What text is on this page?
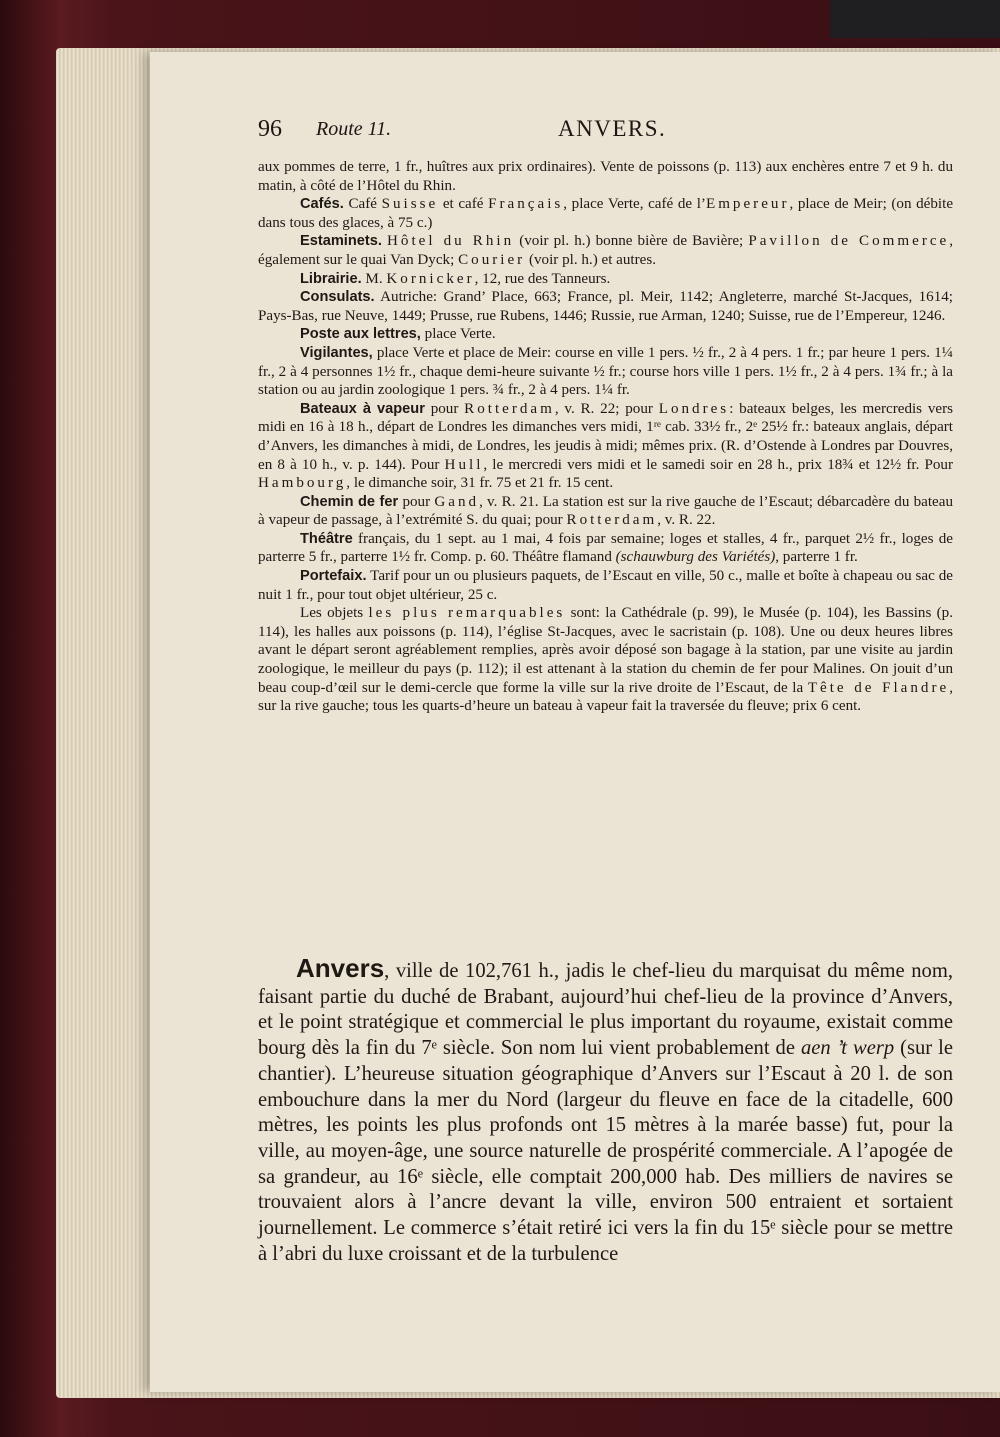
96 Route 11.	ANVERS.

aux pommes de terre, 1 fr., huîtres aux prix ordinaires). Vente de poissons (p. 113) aux enchères entre 7 et 9 h. du matin, à côté de l’Hôtel du Rhin.

Cafés. Café Suisse et café Français, place Verte, café de l’Empereur, place de Meir; (on débite dans tous des glaces, à 75 c.)

Estaminets. Hôtel du Rhin (voir pl. h.) bonne bière de Bavière; Pavillon de Commerce, également sur le quai Van Dyck; Courier (voir pl. h.) et autres.

Librairie. M. Kornicker, 12, rue des Tanneurs.

Consulats. Autriche: Grand’ Place, 663; France, pl. Meir, 1142; Angleterre, marché St-Jacques, 1614; Pays-Bas, rue Neuve, 1449; Prusse, rue Rubens, 1446; Russie, rue Arman, 1240; Suisse, rue de l’Empereur, 1246.

Poste aux lettres, place Verte.

Vigilantes, place Verte et place de Meir: course en ville 1 pers. ½ fr., 2 à 4 pers. 1 fr.; par heure 1 pers. 1¼ fr., 2 à 4 personnes 1½ fr., chaque demi-heure suivante ½ fr.; course hors ville 1 pers. 1½ fr., 2 à 4 pers. 1¾ fr.; à la station ou au jardin zoologique 1 pers. ¾ fr., 2 à 4 pers. 1¼ fr.

Bateaux à vapeur pour Rotterdam, v. R. 22; pour Londres: bateaux belges, les mercredis vers midi en 16 à 18 h., départ de Londres les dimanches vers midi, 1ʳᵉ cab. 33½ fr., 2ᵉ 25½ fr.: bateaux anglais, départ d’Anvers, les dimanches à midi, de Londres, les jeudis à midi; mêmes prix. (R. d’Ostende à Londres par Douvres, en 8 à 10 h., v. p. 144). Pour Hull, le mercredi vers midi et le samedi soir en 28 h., prix 18¾ et 12½ fr. Pour Hambourg, le dimanche soir, 31 fr. 75 et 21 fr. 15 cent.

Chemin de fer pour Gand, v. R. 21. La station est sur la rive gauche de l’Escaut; débarcadère du bateau à vapeur de passage, à l’extrémité S. du quai; pour Rotterdam, v. R. 22.

Théâtre français, du 1 sept. au 1 mai, 4 fois par semaine; loges et stalles, 4 fr., parquet 2½ fr., loges de parterre 5 fr., parterre 1½ fr. Comp. p. 60. Théâtre flamand (schauwburg des Variétés), parterre 1 fr.

Portefaix. Tarif pour un ou plusieurs paquets, de l’Escaut en ville, 50 c., malle et boîte à chapeau ou sac de nuit 1 fr., pour tout objet ultérieur, 25 c.

Les objets les plus remarquables sont: la Cathédrale (p. 99), le Musée (p. 104), les Bassins (p. 114), les halles aux poissons (p. 114), l’église St-Jacques, avec le sacristain (p. 108). Une ou deux heures libres avant le départ seront agréablement remplies, après avoir déposé son bagage à la station, par une visite au jardin zoologique, le meilleur du pays (p. 112); il est attenant à la station du chemin de fer pour Malines. On jouit d’un beau coup-d’œil sur le demi-cercle que forme la ville sur la rive droite de l’Escaut, de la Tête de Flandre, sur la rive gauche; tous les quarts-d’heure un bateau à vapeur fait la traversée du fleuve; prix 6 cent.

Anvers, ville de 102,761 h., jadis le chef-lieu du marquisat du même nom, faisant partie du duché de Brabant, aujourd’hui chef-lieu de la province d’Anvers, et le point stratégique et commercial le plus important du royaume, existait comme bourg dès la fin du 7ᵉ siècle. Son nom lui vient probablement de aen ’t werp (sur le chantier). L’heureuse situation géographique d’Anvers sur l’Escaut à 20 l. de son embouchure dans la mer du Nord (largeur du fleuve en face de la citadelle, 600 mètres, les points les plus profonds ont 15 mètres à la marée basse) fut, pour la ville, au moyen-âge, une source naturelle de prospérité commerciale. A l’apogée de sa grandeur, au 16ᵉ siècle, elle comptait 200,000 hab. Des milliers de navires se trouvaient alors à l’ancre devant la ville, environ 500 entraient et sortaient journellement. Le commerce s’était retiré ici vers la fin du 15ᵉ siècle pour se mettre à l’abri du luxe croissant et de la turbulence
